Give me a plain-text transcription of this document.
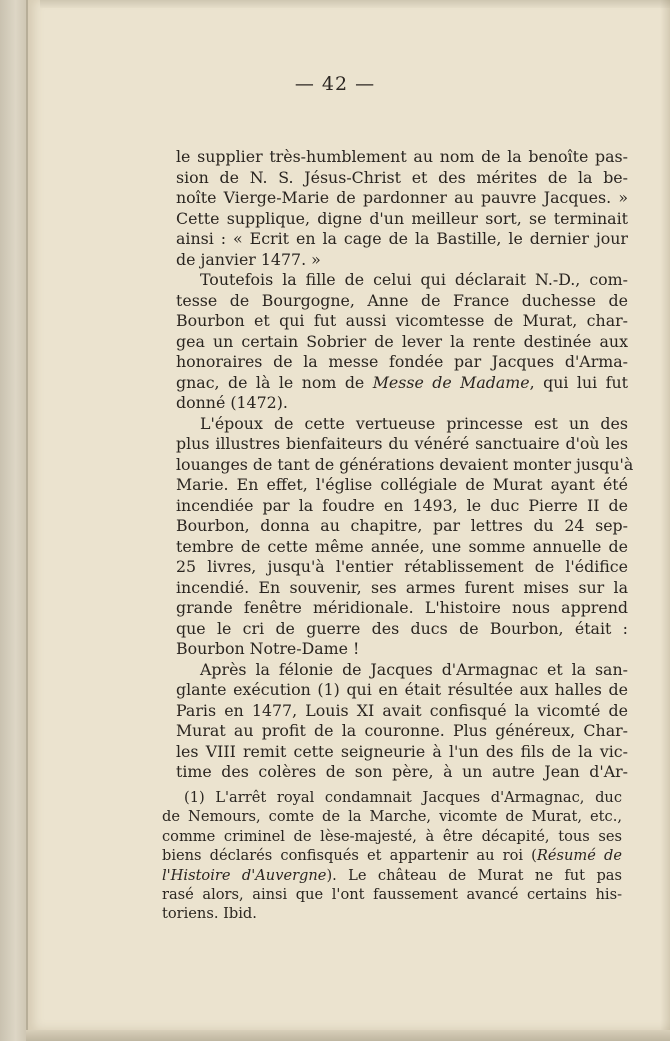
— 42 —
le supplier très-humblement au nom de la benoîte pas-
sion de N. S. Jésus-Christ et des mérites de la be-
noîte Vierge-Marie de pardonner au pauvre Jacques. »
Cette supplique, digne d'un meilleur sort, se terminait
ainsi : « Ecrit en la cage de la Bastille, le dernier jour
de janvier 1477. »
Toutefois la fille de celui qui déclarait N.-D., com-
tesse de Bourgogne, Anne de France duchesse de
Bourbon et qui fut aussi vicomtesse de Murat, char-
gea un certain Sobrier de lever la rente destinée aux
honoraires de la messe fondée par Jacques d'Arma-
gnac, de là le nom de Messe de Madame, qui lui fut
donné (1472).
L'époux de cette vertueuse princesse est un des
plus illustres bienfaiteurs du vénéré sanctuaire d'où les
louanges de tant de générations devaient monter jusqu'à
Marie. En effet, l'église collégiale de Murat ayant été
incendiée par la foudre en 1493, le duc Pierre II de
Bourbon, donna au chapitre, par lettres du 24 sep-
tembre de cette même année, une somme annuelle de
25 livres, jusqu'à l'entier rétablissement de l'édifice
incendié. En souvenir, ses armes furent mises sur la
grande fenêtre méridionale. L'histoire nous apprend
que le cri de guerre des ducs de Bourbon, était :
Bourbon Notre-Dame !
Après la félonie de Jacques d'Armagnac et la san-
glante exécution (1) qui en était résultée aux halles de
Paris en 1477, Louis XI avait confisqué la vicomté de
Murat au profit de la couronne. Plus généreux, Char-
les VIII remit cette seigneurie à l'un des fils de la vic-
time des colères de son père, à un autre Jean d'Ar-
(1) L'arrêt royal condamnait Jacques d'Armagnac, duc
de Nemours, comte de la Marche, vicomte de Murat, etc.,
comme criminel de lèse-majesté, à être décapité, tous ses
biens déclarés confisqués et appartenir au roi (Résumé de
l'Histoire d'Auvergne). Le château de Murat ne fut pas
rasé alors, ainsi que l'ont faussement avancé certains his-
toriens. Ibid.
